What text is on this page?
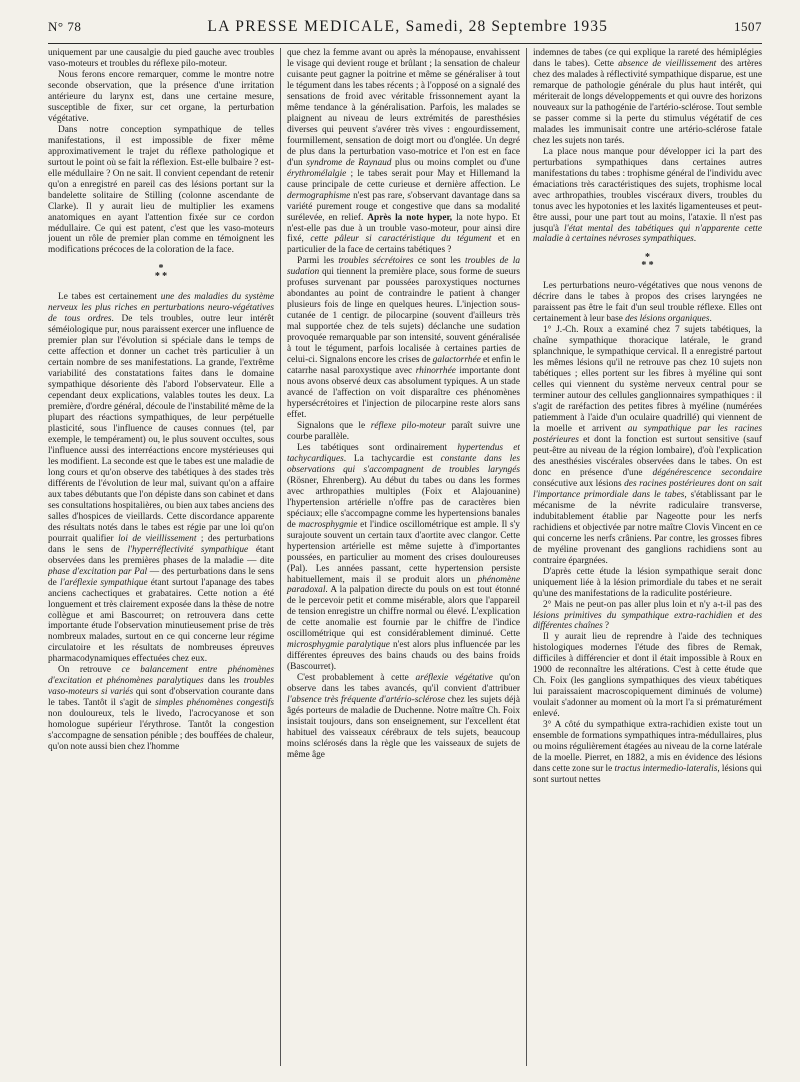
N° 78	LA PRESSE MEDICALE, Samedi, 28 Septembre 1935	1507

uniquement par une causalgie du pied gauche avec troubles vaso-moteurs et troubles du réflexe pilo-moteur.

Nous ferons encore remarquer, comme le montre notre seconde observation, que la présence d'une irritation antérieure du larynx est, dans une certaine mesure, susceptible de fixer, sur cet organe, la perturbation végétative.

Dans notre conception sympathique de telles manifestations, il est impossible de fixer même approximativement le trajet du réflexe pathologique et surtout le point où se fait la réflexion. Est-elle bulbaire ? est-elle médullaire ? On ne sait. Il convient cependant de retenir qu'on a enregistré en pareil cas des lésions portant sur la bandelette solitaire de Stilling (colonne ascendante de Clarke). Il y aurait lieu de multiplier les examens anatomiques en ayant l'attention fixée sur ce cordon médullaire. Ce qui est patent, c'est que les vaso-moteurs jouent un rôle de premier plan comme en témoignent les modifications précoces de la coloration de la face.

*
* *

Le tabes est certainement une des maladies du système nerveux les plus riches en perturbations neuro-végétatives de tous ordres. De tels troubles, outre leur intérêt séméiologique pur, nous paraissent exercer une influence de premier plan sur l'évolution si spéciale dans le temps de cette affection et donner un cachet très particulier à un certain nombre de ses manifestations. La grande, l'extrême variabilité des constatations faites dans le domaine sympathique désoriente dès l'abord l'observateur. Elle a cependant deux explications, valables toutes les deux. La première, d'ordre général, découle de l'instabilité même de la plupart des réactions sympathiques, de leur perpétuelle plasticité, sous l'influence de causes connues (tel, par exemple, le tempérament) ou, le plus souvent occultes, sous l'influence aussi des interréactions encore mystérieuses qui les modifient. La seconde est que le tabes est une maladie de long cours et qu'on observe des tabétiques à des stades très différents de l'évolution de leur mal, suivant qu'on a affaire aux tabes débutants que l'on dépiste dans son cabinet et dans ses consultations hospitalières, ou bien aux tabes anciens des salles d'hospices de vieillards. Cette discordance apparente des résultats notés dans le tabes est régie par une loi qu'on pourrait qualifier loi de vieillissement ; des perturbations dans le sens de l'hyperréflectivité sympathique étant observées dans les premières phases de la maladie — dite phase d'excitation par Pal — des perturbations dans le sens de l'aréflexie sympathique étant surtout l'apanage des tabes anciens cachectiques et grabataires. Cette notion a été longuement et très clairement exposée dans la thèse de notre collègue et ami Bascourret; on retrouvera dans cette importante étude l'observation minutieusement prise de très nombreux malades, surtout en ce qui concerne leur régime circulatoire et les résultats de nombreuses épreuves pharmacodynamiques effectuées chez eux.

On retrouve ce balancement entre phénomènes d'excitation et phénomènes paralytiques dans les troubles vaso-moteurs si variés qui sont d'observation courante dans le tabes. Tantôt il s'agit de simples phénomènes congestifs non douloureux, tels le livedo, l'acrocyanose et son homologue supérieur l'érythrose. Tantôt la congestion s'accompagne de sensation pénible ; des bouffées de chaleur, qu'on note aussi bien chez l'homme

que chez la femme avant ou après la ménopause, envahissent le visage qui devient rouge et brûlant ; la sensation de chaleur cuisante peut gagner la poitrine et même se généraliser à tout le tégument dans les tabes récents ; à l'opposé on a signalé des sensations de froid avec véritable frissonnement ayant la même tendance à la généralisation. Parfois, les malades se plaignent au niveau de leurs extrémités de paresthésies diverses qui peuvent s'avérer très vives : engourdissement, fourmillement, sensation de doigt mort ou d'onglée. Un degré de plus dans la perturbation vaso-motrice et l'on est en face d'un syndrome de Raynaud plus ou moins complet ou d'une érythromélalgie ; le tabes serait pour May et Hillemand la cause principale de cette curieuse et dernière affection. Le dermographisme n'est pas rare, s'observant davantage dans sa variété purement rouge et congestive que dans sa modalité surélevée, en relief. Après la note hyper, la note hypo. Et n'est-elle pas due à un trouble vaso-moteur, pour ainsi dire fixé, cette pâleur si caractéristique du tégument et en particulier de la face de certains tabétiques ?

Parmi les troubles sécrétoires ce sont les troubles de la sudation qui tiennent la première place, sous forme de sueurs profuses survenant par poussées paroxystiques nocturnes abondantes au point de contraindre le patient à changer plusieurs fois de linge en quelques heures. L'injection sous-cutanée de 1 centigr. de pilocarpine (souvent d'ailleurs très mal supportée chez de tels sujets) déclanche une sudation provoquée remarquable par son intensité, souvent généralisée à tout le tégument, parfois localisée à certaines parties de celui-ci. Signalons encore les crises de galactorrhée et enfin le catarrhe nasal paroxystique avec rhinorrhée importante dont nous avons observé deux cas absolument typiques. A un stade avancé de l'affection on voit disparaître ces phénomènes hypersécrétoires et l'injection de pilocarpine reste alors sans effet.

Signalons que le réflexe pilo-moteur paraît suivre une courbe parallèle.

Les tabétiques sont ordinairement hypertendus et tachycardiques. La tachycardie est constante dans les observations qui s'accompagnent de troubles laryngés (Rösner, Ehrenberg). Au début du tabes ou dans les formes avec arthropathies multiples (Foix et Alajouanine) l'hypertension artérielle n'offre pas de caractères bien spéciaux; elle s'accompagne comme les hypertensions banales de macrosphygmie et l'indice oscillométrique est ample. Il s'y surajoute souvent un certain taux d'aortite avec clangor. Cette hypertension artérielle est même sujette à d'importantes poussées, en particulier au moment des crises douloureuses (Pal). Les années passant, cette hypertension persiste habituellement, mais il se produit alors un phénomène paradoxal. A la palpation directe du pouls on est tout étonné de le percevoir petit et comme misérable, alors que l'appareil de tension enregistre un chiffre normal ou élevé. L'explication de cette anomalie est fournie par le chiffre de l'indice oscillométrique qui est considérablement diminué. Cette microsphygmie paralytique n'est alors plus influencée par les différentes épreuves des bains chauds ou des bains froids (Bascourret).

C'est probablement à cette aréflexie végétative qu'on observe dans les tabes avancés, qu'il convient d'attribuer l'absence très fréquente d'artério-sclérose chez les sujets déjà âgés porteurs de maladie de Duchenne. Notre maître Ch. Foix insistait toujours, dans son enseignement, sur l'excellent état habituel des vaisseaux cérébraux de tels sujets, beaucoup moins sclérosés dans la règle que les vaisseaux de sujets de même âge

indemnes de tabes (ce qui explique la rareté des hémiplégies dans le tabes). Cette absence de vieillissement des artères chez des malades à réflectivité sympathique disparue, est une remarque de pathologie générale du plus haut intérêt, qui mériterait de longs développements et qui ouvre des horizons nouveaux sur la pathogénie de l'artério-sclérose. Tout semble se passer comme si la perte du stimulus végétatif de ces malades les immunisait contre une artério-sclérose fatale chez les sujets non tarés.

La place nous manque pour développer ici la part des perturbations sympathiques dans certaines autres manifestations du tabes : trophisme général de l'individu avec émaciations très caractéristiques des sujets, trophisme local avec arthropathies, troubles viscéraux divers, troubles du tonus avec les hypotonies et les laxités ligamenteuses et peut-être aussi, pour une part tout au moins, l'ataxie. Il n'est pas jusqu'à l'état mental des tabétiques qui n'apparente cette maladie à certaines névroses sympathiques.

*
* *

Les perturbations neuro-végétatives que nous venons de décrire dans le tabes à propos des crises laryngées ne paraissent pas être le fait d'un seul trouble réflexe. Elles ont certainement à leur base des lésions organiques.

1° J.-Ch. Roux a examiné chez 7 sujets tabétiques, la chaîne sympathique thoracique latérale, le grand splanchnique, le sympathique cervical. Il a enregistré partout les mêmes lésions qu'il ne retrouve pas chez 10 sujets non tabétiques ; elles portent sur les fibres à myéline qui sont celles qui viennent du système nerveux central pour se terminer autour des cellules ganglionnaires sympathiques : il s'agit de raréfaction des petites fibres à myéline (numérées patiemment à l'aide d'un oculaire quadrillé) qui viennent de la moelle et arrivent au sympathique par les racines postérieures et dont la fonction est surtout sensitive (sauf peut-être au niveau de la région lombaire), d'où l'explication des anesthésies viscérales observées dans le tabes. On est donc en présence d'une dégénérescence secondaire consécutive aux lésions des racines postérieures dont on sait l'importance primordiale dans le tabes, s'établissant par le mécanisme de la névrite radiculaire transverse, indubitablement établie par Nageotte pour les nerfs rachidiens et objectivée par notre maître Clovis Vincent en ce qui concerne les nerfs crâniens. Par contre, les grosses fibres de myéline provenant des ganglions rachidiens sont au contraire épargnées.

D'après cette étude la lésion sympathique serait donc uniquement liée à la lésion primordiale du tabes et ne serait qu'une des manifestations de la radiculite postérieure.

2° Mais ne peut-on pas aller plus loin et n'y a-t-il pas des lésions primitives du sympathique extra-rachidien et des différentes chaînes ?

Il y aurait lieu de reprendre à l'aide des techniques histologiques modernes l'étude des fibres de Remak, difficiles à différencier et dont il était impossible à Roux en 1900 de reconnaître les altérations. C'est à cette étude que Ch. Foix (les ganglions sympathiques des vieux tabétiques lui paraissaient macroscopiquement diminués de volume) voulait s'adonner au moment où la mort l'a si prématurément enlevé.

3° A côté du sympathique extra-rachidien existe tout un ensemble de formations sympathiques intra-médullaires, plus ou moins régulièrement étagées au niveau de la corne latérale de la moelle. Pierret, en 1882, a mis en évidence des lésions dans cette zone sur le tractus intermedio-lateralis, lésions qui sont surtout nettes
